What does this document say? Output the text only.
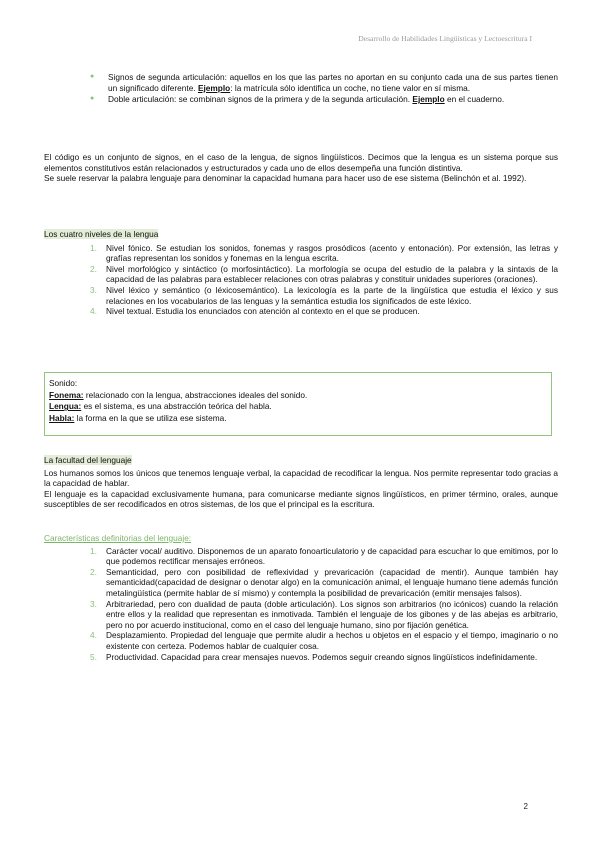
Desarrollo de Habilidades Lingüísticas y Lectoescritura I
● Signos de segunda articulación: aquellos en los que las partes no aportan en su conjunto cada una de sus partes tienen un significado diferente. Ejemplo: la matrícula sólo identifica un coche, no tiene valor en sí misma.
● Doble articulación: se combinan signos de la primera y de la segunda articulación. Ejemplo en el cuaderno.

El código es un conjunto de signos, en el caso de la lengua, de signos lingüísticos. Decimos que la lengua es un sistema porque sus elementos constitutivos están relacionados y estructurados y cada uno de ellos desempeña una función distintiva.

Se suele reservar la palabra lenguaje para denominar la capacidad humana para hacer uso de ese sistema (Belinchón et al. 1992).

Los cuatro niveles de la lengua

1. Nivel fónico. Se estudian los sonidos, fonemas y rasgos prosódicos (acento y entonación). Por extensión, las letras y grafías representan los sonidos y fonemas en la lengua escrita.
2. Nivel morfológico y sintáctico (o morfosintáctico). La morfología se ocupa del estudio de la palabra y la sintaxis de la capacidad de las palabras para establecer relaciones con otras palabras y constituir unidades superiores (oraciones).
3. Nivel léxico y semántico (o léxicosemántico). La lexicología es la parte de la lingüística que estudia el léxico y sus relaciones en los vocabularios de las lenguas y la semántica estudia los significados de este léxico.
4. Nivel textual. Estudia los enunciados con atención al contexto en el que se producen.

Sonido:

Fonema: relacionado con la lengua, abstracciones ideales del sonido.

Lengua: es el sistema, es una abstracción teórica del habla.

Habla: la forma en la que se utiliza ese sistema.

La facultad del lenguaje

Los humanos somos los únicos que tenemos lenguaje verbal, la capacidad de recodificar la lengua. Nos permite representar todo gracias a la capacidad de hablar.

El lenguaje es la capacidad exclusivamente humana, para comunicarse mediante signos lingüísticos, en primer término, orales, aunque susceptibles de ser recodificados en otros sistemas, de los que el principal es la escritura.

Características definitorias del lenguaje:

1. Carácter vocal/ auditivo. Disponemos de un aparato fonoarticulatorio y de capacidad para escuchar lo que emitimos, por lo que podemos rectificar mensajes erróneos.
2. Semanticidad, pero con posibilidad de reflexividad y prevaricación (capacidad de mentir). Aunque también hay semanticidad(capacidad de designar o denotar algo) en la comunicación animal, el lenguaje humano tiene además función metalingüística (permite hablar de sí mismo) y contempla la posibilidad de prevaricación (emitir mensajes falsos).
3. Arbitrariedad, pero con dualidad de pauta (doble articulación). Los signos son arbitrarios (no icónicos) cuando la relación entre ellos y la realidad que representan es inmotivada. También el lenguaje de los gibones y de las abejas es arbitrario, pero no por acuerdo institucional, como en el caso del lenguaje humano, sino por fijación genética.
4. Desplazamiento. Propiedad del lenguaje que permite aludir a hechos u objetos en el espacio y el tiempo, imaginario o no existente con certeza. Podemos hablar de cualquier cosa.
5. Productividad. Capacidad para crear mensajes nuevos. Podemos seguir creando signos lingüísticos indefinidamente.
2
